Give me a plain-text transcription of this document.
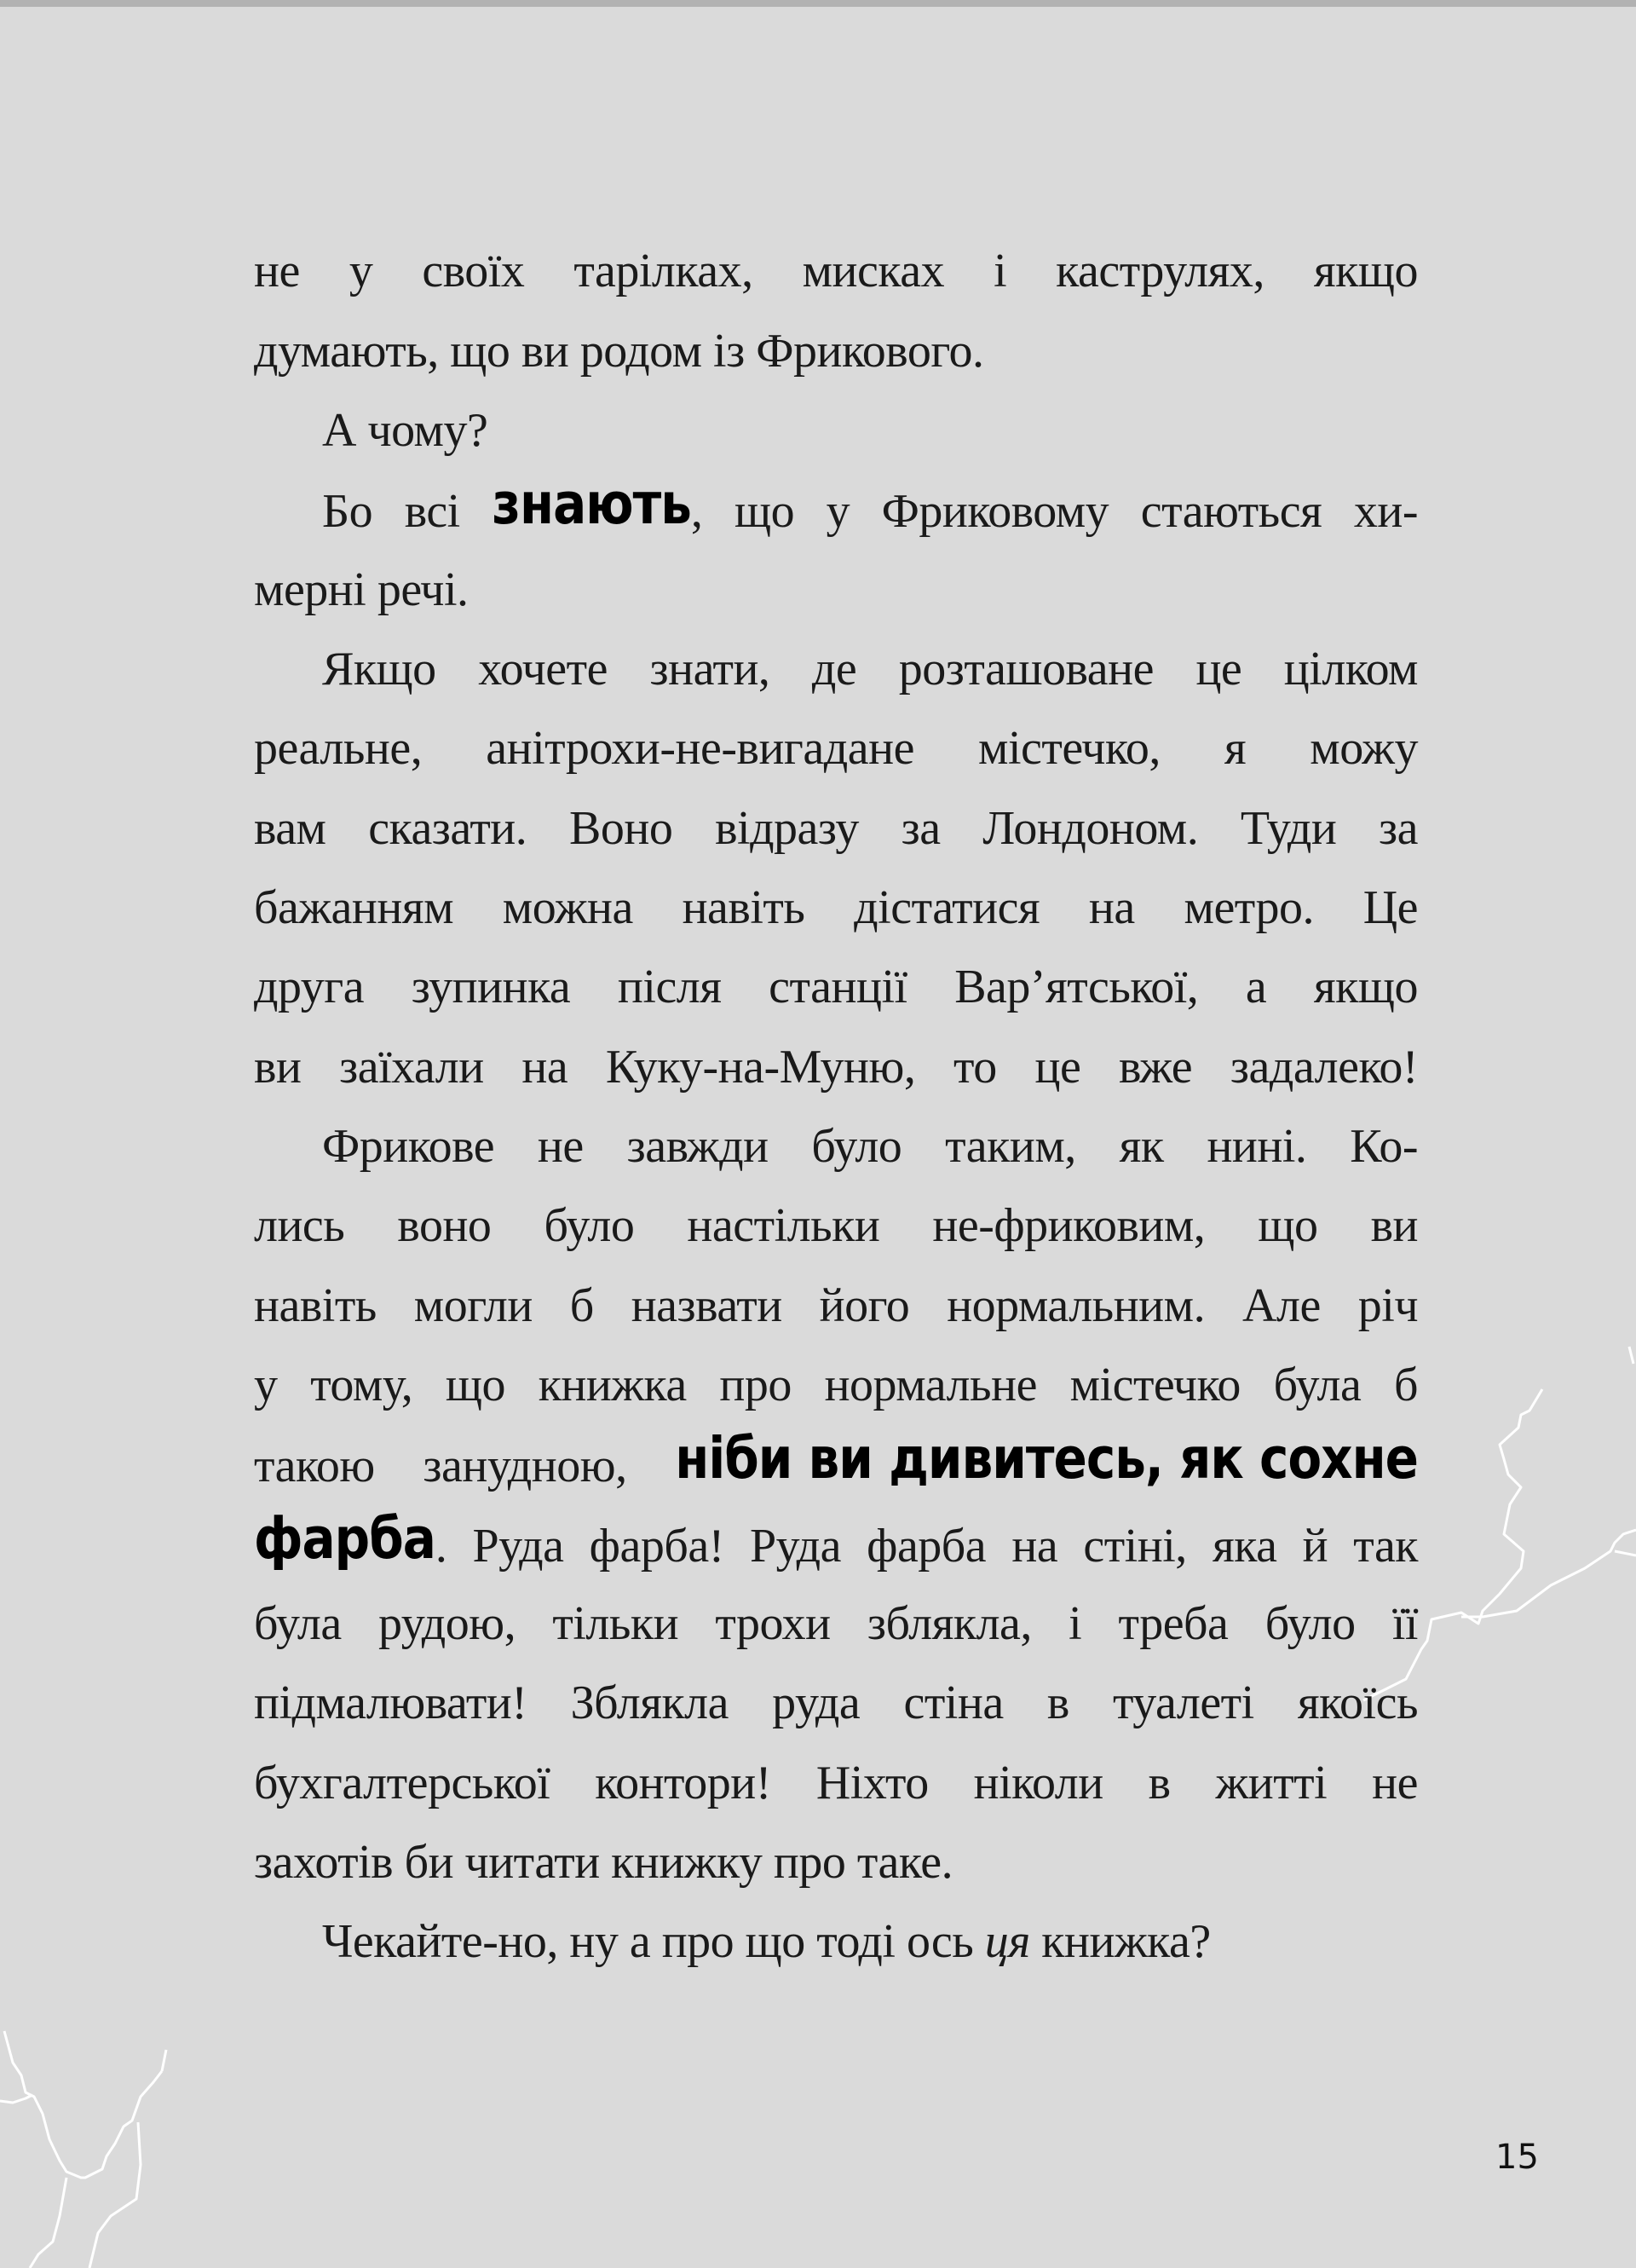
не у своїх тарілках, мисках і каструлях, якщо
думають, що ви родом із Фрикового.
А чому?
Бо всі знають, що у Фриковому стаються хи-
мерні речі.
Якщо хочете знати, де розташоване це цілком
реальне, анітрохи-не-вигадане містечко, я можу
вам сказати. Воно відразу за Лондоном. Туди за
бажанням можна навіть дістатися на метро. Це
друга зупинка після станції Вар’ятської, а якщо
ви заїхали на Куку-на-Муню, то це вже задалеко!
Фрикове не завжди було таким, як нині. Ко-
лись воно було настільки не-фриковим, що ви
навіть могли б назвати його нормальним. Але річ
у тому, що книжка про нормальне містечко була б
такою занудною, ніби ви дивитесь, як сохне
фарба. Руда фарба! Руда фарба на стіні, яка й так
була рудою, тільки трохи зблякла, і треба було її
підмалювати! Зблякла руда стіна в туалеті якоїсь
бухгалтерської контори! Ніхто ніколи в житті не
захотів би читати книжку про таке.
Чекайте-но, ну а про що тоді ось ця книжка?
15
